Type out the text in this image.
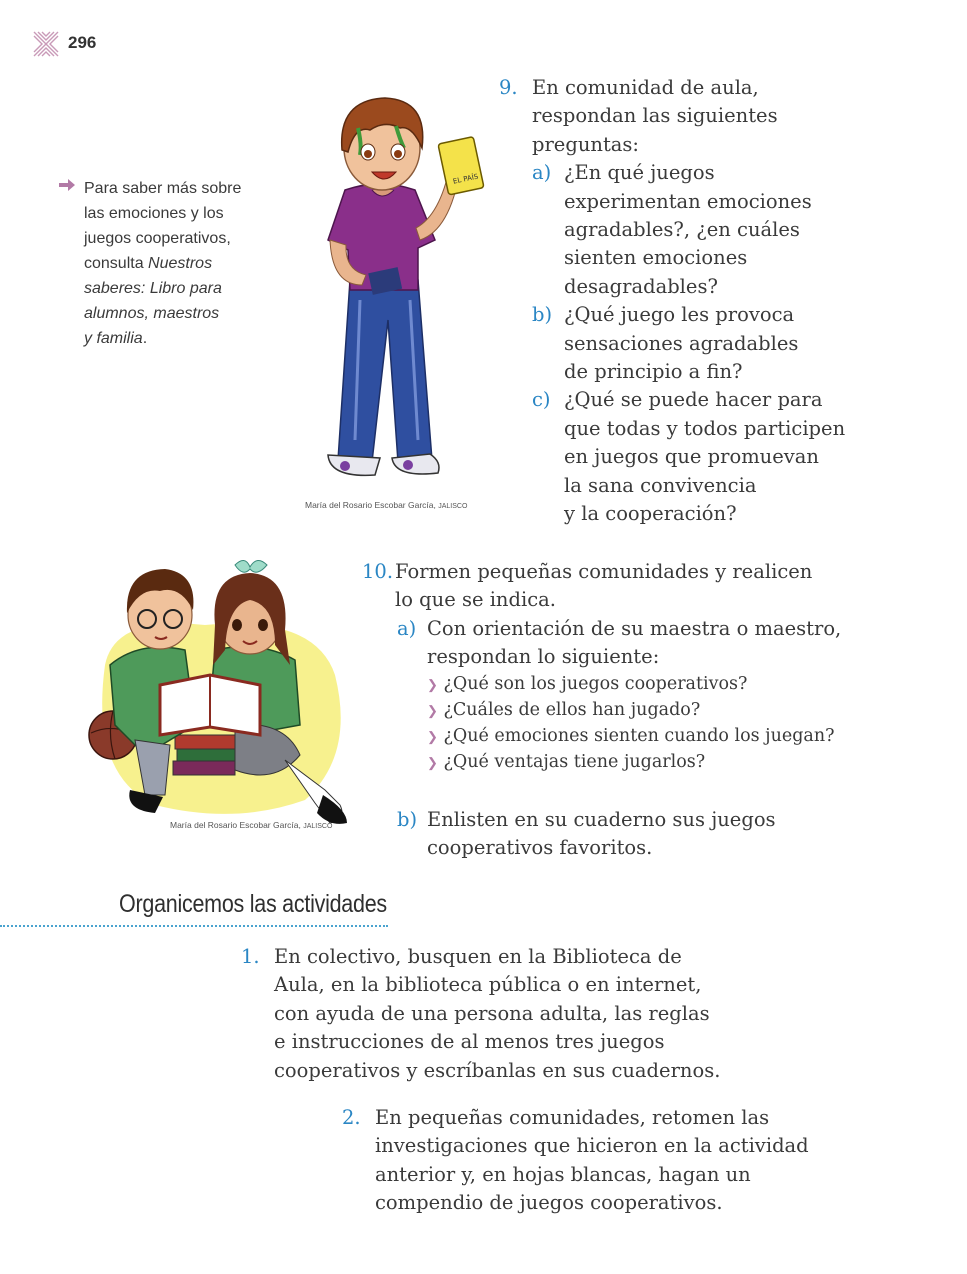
296
Para saber más sobre
las emociones y los
juegos cooperativos,
consulta Nuestros
saberes: Libro para
alumnos, maestros
y familia.
EL PAÍS
María del Rosario Escobar García, JALISCO
9. En comunidad de aula,
respondan las siguientes
preguntas:
a) ¿En qué juegos
experimentan emociones
agradables?, ¿en cuáles
sienten emociones
desagradables?
b) ¿Qué juego les provoca
sensaciones agradables
de principio a fin?
c) ¿Qué se puede hacer para
que todas y todos participen
en juegos que promuevan
la sana convivencia
y la cooperación?
María del Rosario Escobar García, JALISCO
10. Formen pequeñas comunidades y realicen
lo que se indica.
a) Con orientación de su maestra o maestro,
respondan lo siguiente:
❯ ¿Qué son los juegos cooperativos?
❯ ¿Cuáles de ellos han jugado?
❯ ¿Qué emociones sienten cuando los juegan?
❯ ¿Qué ventajas tiene jugarlos?
b) Enlisten en su cuaderno sus juegos
cooperativos favoritos.
Organicemos las actividades
1. En colectivo, busquen en la Biblioteca de
Aula, en la biblioteca pública o en internet,
con ayuda de una persona adulta, las reglas
e instrucciones de al menos tres juegos
cooperativos y escríbanlas en sus cuadernos.
2. En pequeñas comunidades, retomen las
investigaciones que hicieron en la actividad
anterior y, en hojas blancas, hagan un
compendio de juegos cooperativos.
